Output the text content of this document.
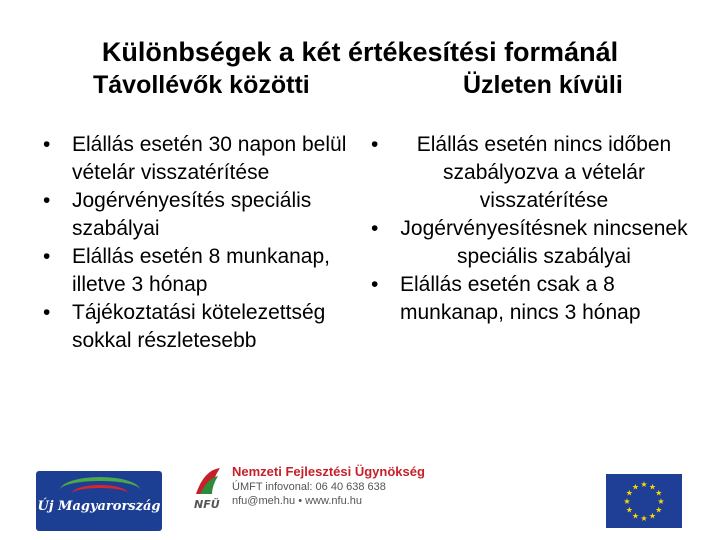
Különbségek a két értékesítési formánál
Távollévők közötti	Üzleten kívüli
• Elállás esetén 30 napon belül vételár visszatérítése
• Jogérvényesítés speciális szabályai
• Elállás esetén 8 munkanap, illetve 3 hónap
• Tájékoztatási kötelezettség sokkal részletesebb
• Elállás esetén nincs időben szabályozva a vételár visszatérítése
• Jogérvényesítésnek nincsenek speciális szabályai
• Elállás esetén csak a 8 munkanap, nincs 3 hónap
Új Magyarország	NFÜ
Nemzeti Fejlesztési Ügynökség
ÚMFT infovonal: 06 40 638 638
nfu@meh.hu • www.nfu.hu
★ ★
★
★
★
★
★
★
★
★
★
★
